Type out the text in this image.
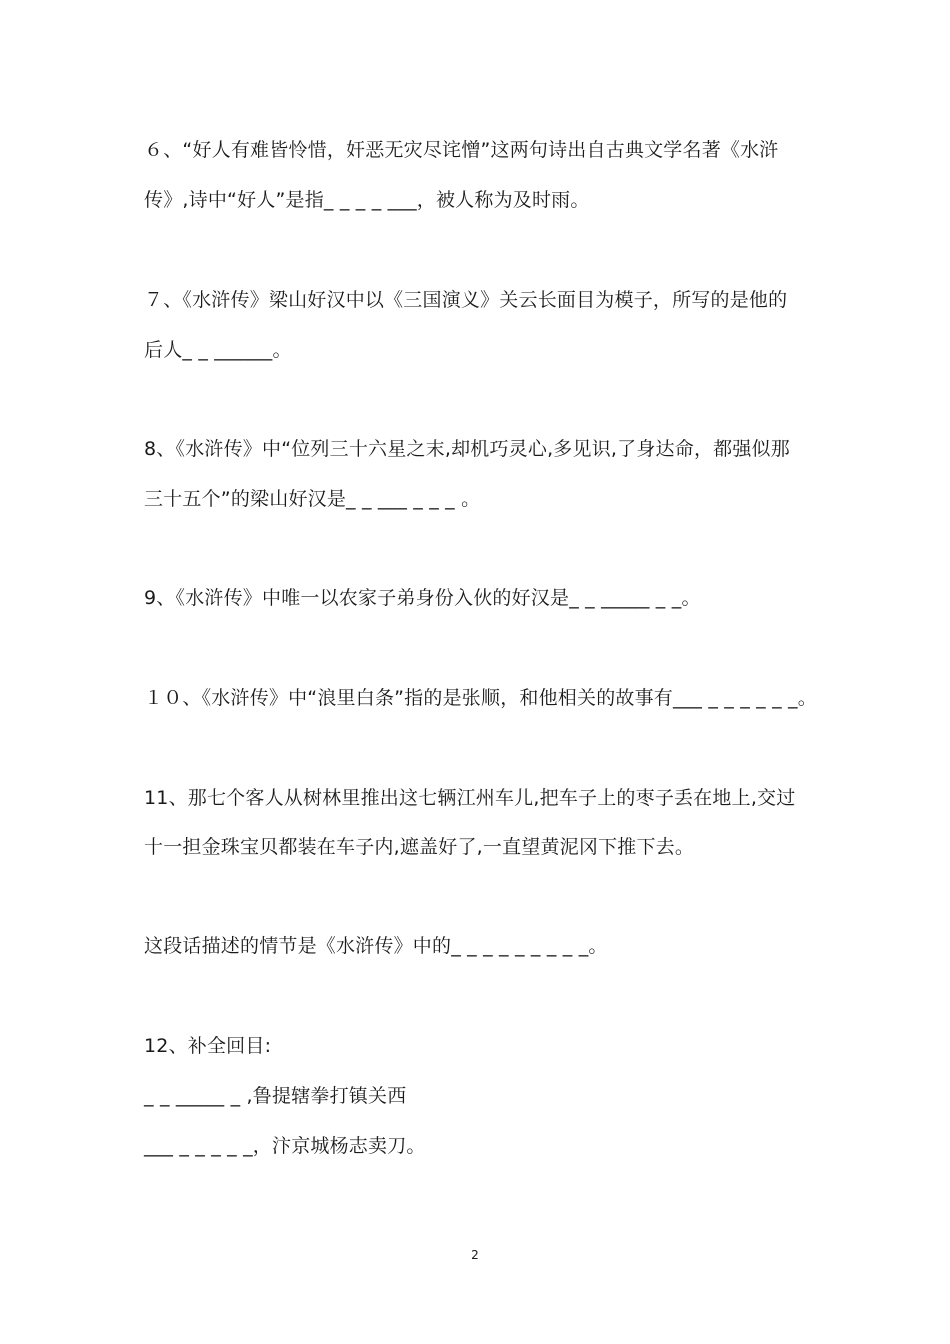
６、“好人有难皆怜惜，奸恶无灾尽诧憎”这两句诗出自古典文学名著《水浒
传》,诗中“好人”是指_ _ _ _ ___，被人称为及时雨。
７、《水浒传》梁山好汉中以《三国演义》关云长面目为模子，所写的是他的
后人_ _ ______。
8、《水浒传》中“位列三十六星之末,却机巧灵心,多见识,了身达命，都强似那
三十五个”的梁山好汉是_ _ ___ _ _ _ 。
9、《水浒传》中唯一以农家子弟身份入伙的好汉是_ _ _____ _ _。
１０、《水浒传》中“浪里白条”指的是张顺，和他相关的故事有___ _ _ _ _ _ _。
11、那七个客人从树林里推出这七辆江州车儿,把车子上的枣子丢在地上,交过
十一担金珠宝贝都装在车子内,遮盖好了,一直望黄泥冈下推下去。
这段话描述的情节是《水浒传》中的_ _ _ _ _ _ _ _ _。
12、补全回目:
_ _ _____ _ ,鲁提辖拳打镇关西
___ _ _ _ _ _，汴京城杨志卖刀。
2
